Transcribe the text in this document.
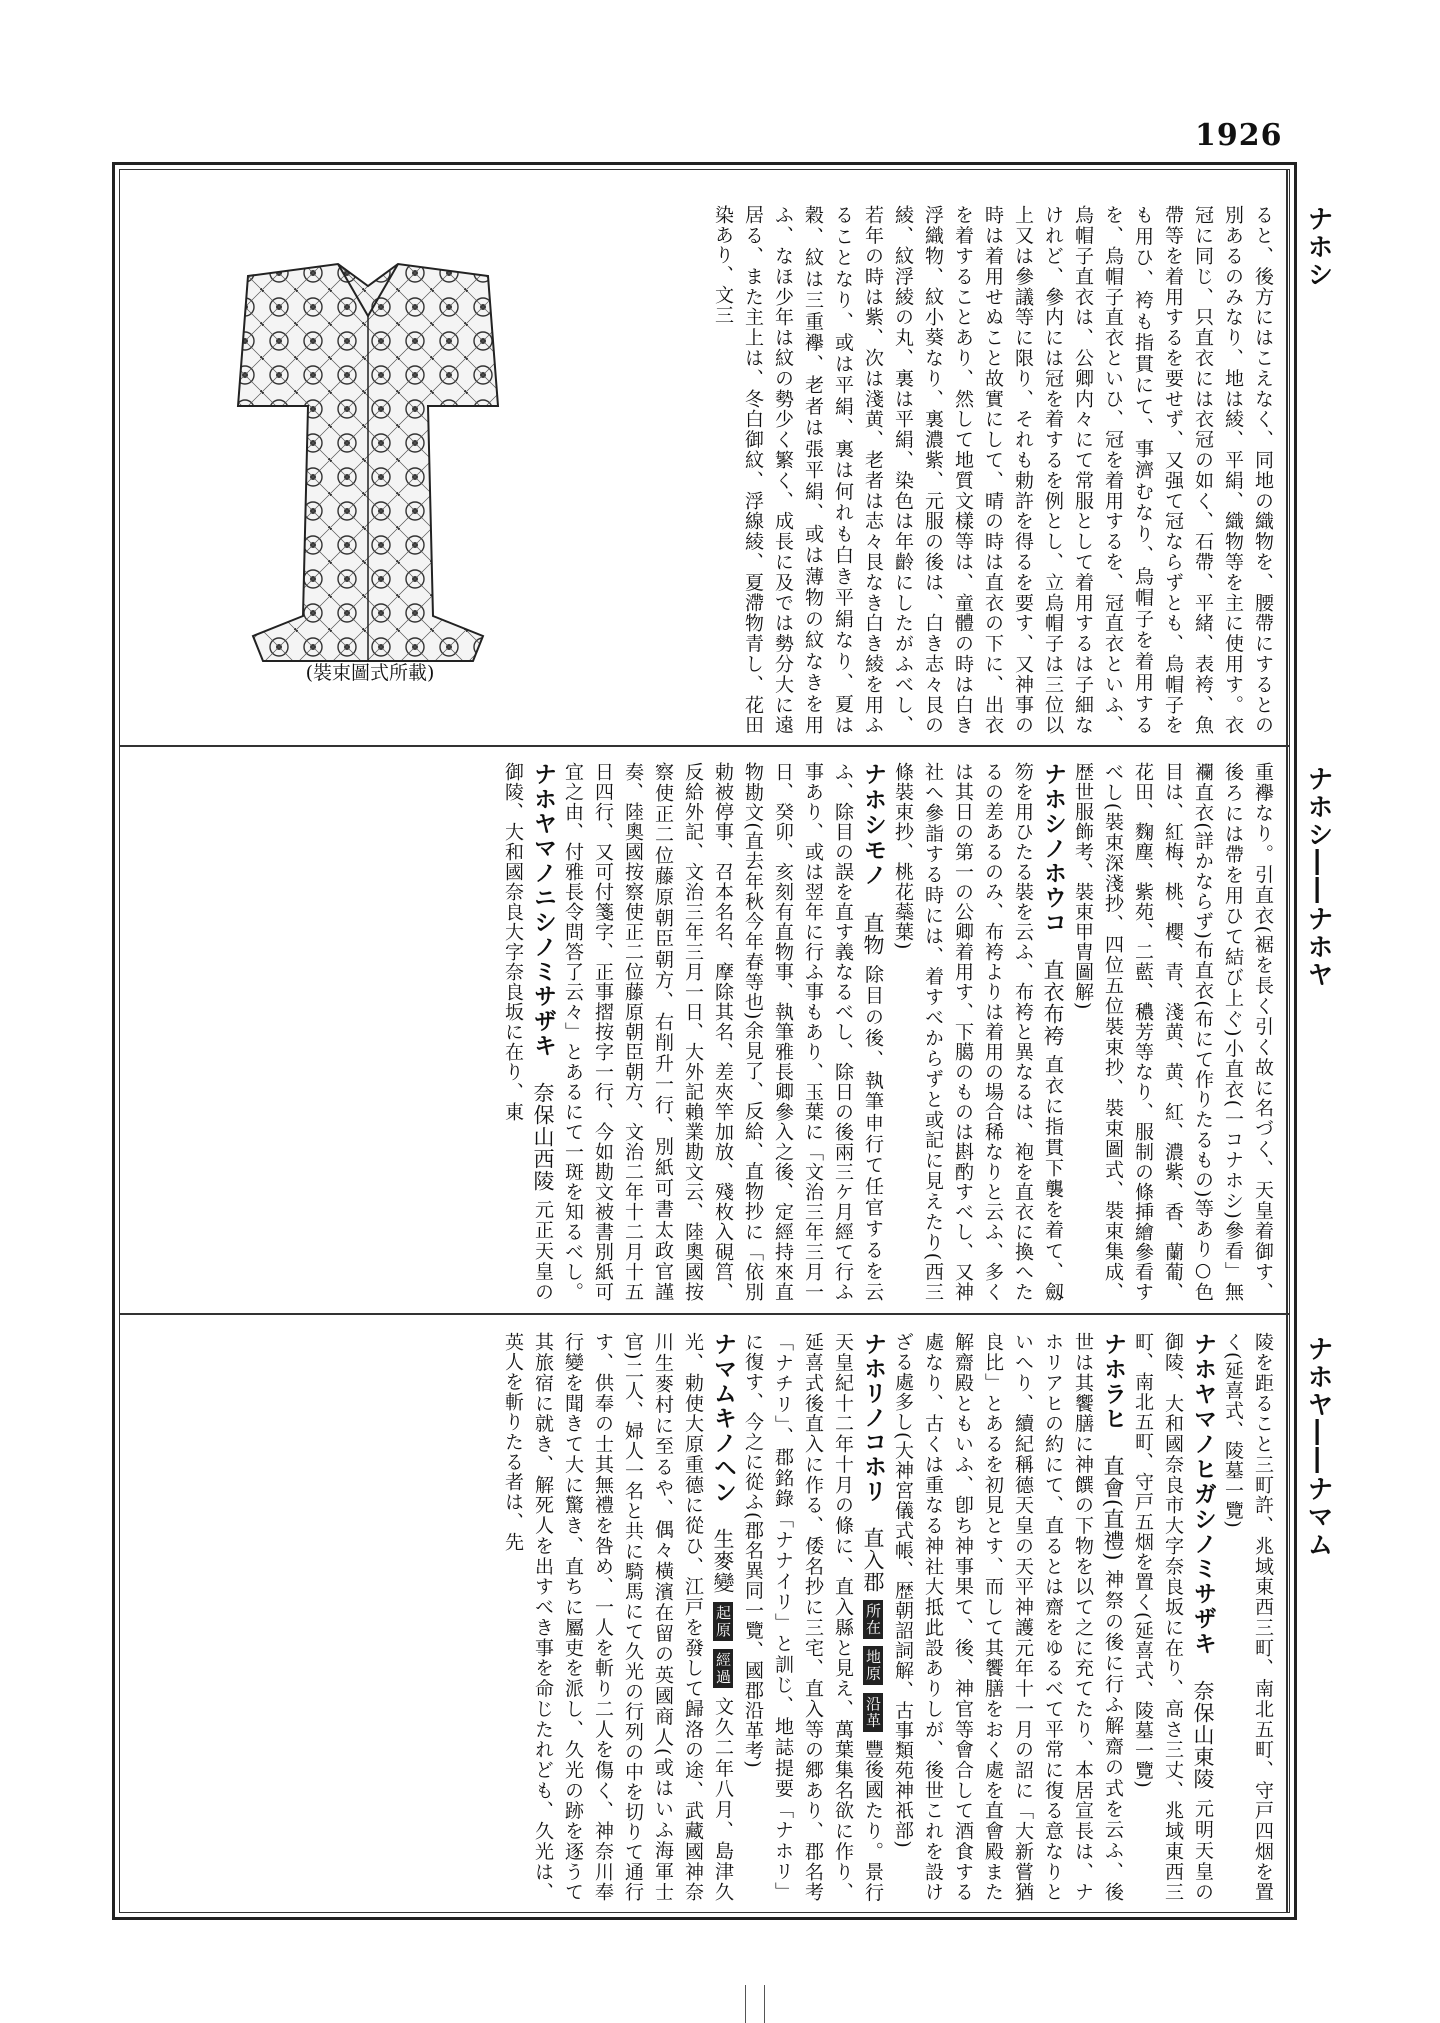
1926
ナホシ
ナホシ――ナホヤ
ナホヤ――ナマム
ると、後方にはこえなく、同地の織物を、腰帶にするとの別あるのみなり、地は綾、平絹、織物等を主に使用す。衣冠に同じ、只直衣には衣冠の如く、石帶、平緒、表袴、魚帶等を着用するを要せず、又强て冠ならずとも、烏帽子をも用ひ、袴も指貫にて、事濟むなり、烏帽子を着用するを、烏帽子直衣といひ、冠を着用するを、冠直衣といふ、烏帽子直衣は、公卿内々にて常服として着用するは子細なけれど、參内には冠を着するを例とし、立烏帽子は三位以上又は參議等に限り、それも勅許を得るを要す、又神事の時は着用せぬこと故實にして、晴の時は直衣の下に、出衣を着することあり、然して地質文樣等は、童體の時は白き浮織物、紋小葵なり、裏濃紫、元服の後は、白き志々艮の綾、紋浮綾の丸、裏は平絹、染色は年齡にしたがふべし、若年の時は紫、次は淺黄、老者は志々艮なき白き綾を用ふることなり、或は平絹、裏は何れも白き平絹なり、夏は穀、紋は三重襷、老者は張平絹、或は薄物の紋なきを用ふ、なほ少年は紋の勢少く繁く、成長に及では勢分大に遠居る、また主上は、冬白御紋、浮線綾、夏滯物青し、花田染あり、文三
(裝束圖式所載)
重襷なり。引直衣(裾を長く引く故に名づく、天皇着御す、後ろには帶を用ひて結び上ぐ)小直衣(一コナホシ)參看」無襴直衣(詳かならず)布直衣(布にて作りたるもの)等あり○色目は、紅梅、桃、櫻、青、淺黄、黄、紅、濃紫、香、蘭葡、花田、麴塵、紫苑、二藍、穠芳等なり、服制の條挿繪參看すべし(裝束深淺抄、四位五位裝束抄、裝束圖式、裝束集成、歴世服飾考、裝束甲胄圖解)
ナホシノホウコ 直衣布袴 直衣に指貫下襲を着て、劔笏を用ひたる裝を云ふ、布袴と異なるは、袍を直衣に換へたるの差あるのみ、布袴よりは着用の場合稀なりと云ふ、多くは其日の第一の公卿着用す、下臈のものは斟酌すべし、又神社へ參詣する時には、着すべからずと或記に見えたり(西三條裝束抄、桃花蘂葉)
ナホシモノ 直物 除目の後、執筆申行て任官するを云ふ、除目の誤を直す義なるべし、除日の後兩三ケ月經て行ふ事あり、或は翌年に行ふ事もあり、玉葉に「文治三年三月一日、癸卯、亥刻有直物事、執筆雅長卿參入之後、定經持來直物勘文(直去年秋今年春等也)余見了、反給、直物抄に「依別勅被停事、召本名名、摩除其名、差夾竿加放、殘枚入硯筥、反給外記、文治三年三月一日、大外記賴業勘文云、陸奧國按察使正二位藤原朝臣朝方、右削升一行、別紙可書太政官謹奏、陸奧國按察使正二位藤原朝臣朝方、文治二年十二月十五日四行、又可付箋字、正事摺按字一行、今如勘文被書別紙可宜之由、付雅長令問答了云々」とあるにて一斑を知るべし。
ナホヤマノニシノミサザキ 奈保山西陵 元正天皇の御陵、大和國奈良大字奈良坂に在り、東
陵を距ること三町許、兆域東西三町、南北五町、守戸四烟を置く(延喜式、陵墓一覽)
ナホヤマノヒガシノミサザキ 奈保山東陵 元明天皇の御陵、大和國奈良市大字奈良坂に在り、高さ三丈、兆域東西三町、南北五町、守戸五烟を置く(延喜式、陵墓一覽)
ナホラヒ 直會(直禮) 神祭の後に行ふ解齋の式を云ふ、後世は其饗膳に神饌の下物を以て之に充てたり、本居宣長は、ナホリアヒの約にて、直るとは齋をゆるべて平常に復る意なりといへり、續紀稱德天皇の天平神護元年十一月の詔に「大新嘗猶良比」とあるを初見とす、而して其饗膳をおく處を直會殿また解齋殿ともいふ、卽ち神事果て、後、神官等會合して酒食する處なり、古くは重なる神社大抵此設ありしが、後世これを設けざる處多し(大神宮儀式帳、歴朝詔詞解、古事類苑神祇部)
ナホリノコホリ 直入郡 所在 地原 沿革 豐後國たり。景行天皇紀十二年十月の條に、直入縣と見え、萬葉集名欲に作り、延喜式後直入に作る、倭名抄に三宅、直入等の郷あり、郡名考「ナチリ」、郡銘錄「ナナイリ」と訓じ、地誌提要「ナホリ」に復す、今之に從ふ(郡名異同一覽、國郡沿革考)
ナマムキノヘン 生麥變 起原 經過 文久二年八月、島津久光、勅使大原重德に從ひ、江戸を發して歸洛の途、武藏國神奈川生麥村に至るや、偶々橫濱在留の英國商人(或はいふ海軍士官)二人、婦人一名と共に騎馬にて久光の行列の中を切りて通行す、供奉の士其無禮を咎め、一人を斬り二人を傷く、神奈川奉行變を聞きて大に驚き、直ちに屬吏を派し、久光の跡を逐うて其旅宿に就き、解死人を出すべき事を命じたれども、久光は、英人を斬りたる者は、先
